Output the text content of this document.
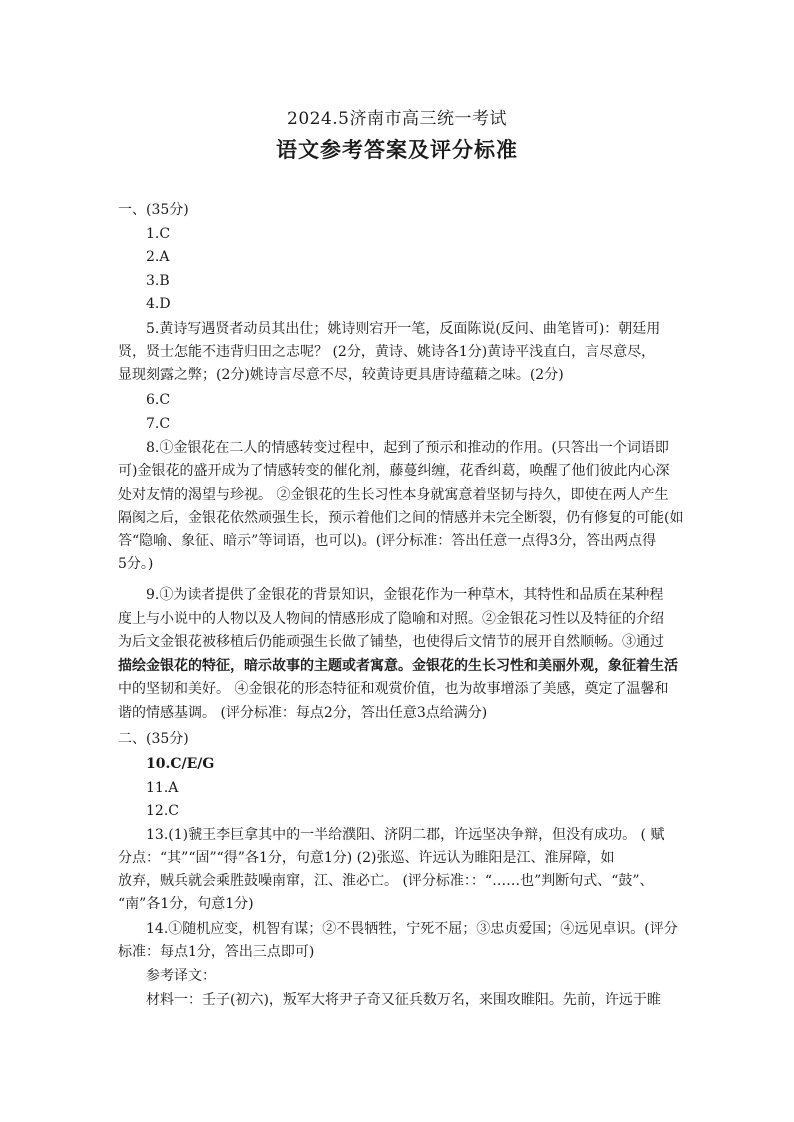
2024.5济南市高三统一考试
语文参考答案及评分标准
一、(35分)
1.C
2.A
3.B
4.D
5.黄诗写遇贤者动员其出仕；姚诗则宕开一笔，反面陈说(反问、曲笔皆可)：朝廷用
贤，贤士怎能不违背归田之志呢？ (2分，黄诗、姚诗各1分)黄诗平浅直白，言尽意尽，
显现刻露之弊；(2分)姚诗言尽意不尽，较黄诗更具唐诗蕴藉之味。(2分)
6.C
7.C
8.①金银花在二人的情感转变过程中，起到了预示和推动的作用。(只答出一个词语即
可)金银花的盛开成为了情感转变的催化剂，藤蔓纠缠，花香纠葛，唤醒了他们彼此内心深
处对友情的渴望与珍视。 ②金银花的生长习性本身就寓意着坚韧与持久，即使在两人产生
隔阂之后，金银花依然顽强生长，预示着他们之间的情感并未完全断裂，仍有修复的可能(如
答“隐喻、象征、暗示”等词语，也可以)。(评分标准：答出任意一点得3分，答出两点得
5分。)
9.①为读者提供了金银花的背景知识，金银花作为一种草木，其特性和品质在某种程
度上与小说中的人物以及人物间的情感形成了隐喻和对照。②金银花习性以及特征的介绍
为后文金银花被移植后仍能顽强生长做了铺垫，也使得后文情节的展开自然顺畅。③通过
描绘金银花的特征，暗示故事的主题或者寓意。金银花的生长习性和美丽外观，象征着生活
中的坚韧和美好。 ④金银花的形态特征和观赏价值，也为故事增添了美感，奠定了温馨和
谐的情感基调。 (评分标准：每点2分，答出任意3点给满分)
二、(35分)
10.C/E/G
11.A
12.C
13.(1)虢王李巨拿其中的一半给濮阳、济阴二郡，许远坚决争辩，但没有成功。 ( 赋
分点：“其”“固”“得”各1分，句意1分) (2)张巡、许远认为睢阳是江、淮屏障，如
放弃，贼兵就会乘胜鼓噪南窜，江、淮必亡。 (评分标准：：“……也”判断句式、“鼓”、
“南”各1分，句意1分)
14.①随机应变，机智有谋；②不畏牺牲，宁死不屈；③忠贞爱国；④远见卓识。(评分
标准：每点1分，答出三点即可)
参考译文：
材料一：壬子(初六)，叛军大将尹子奇又征兵数万名，来围攻睢阳。先前，许远于睢
